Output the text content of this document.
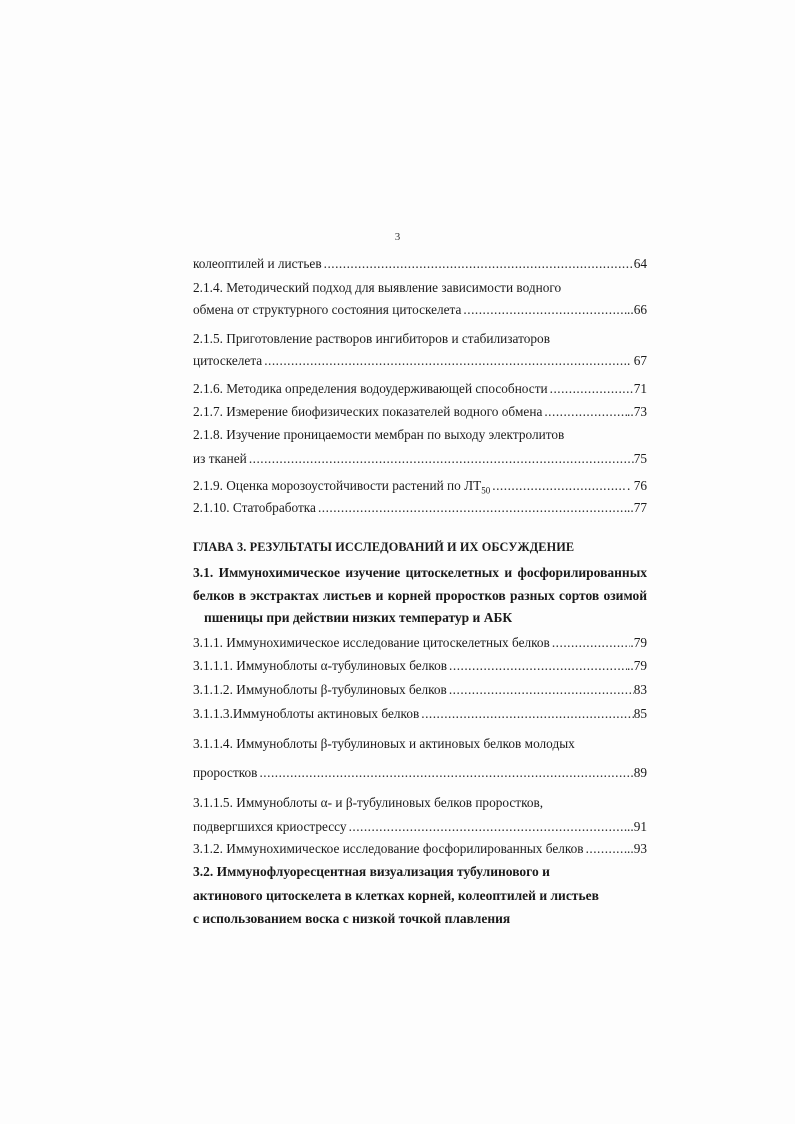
3
колеоптилей и листьев .....	64
2.1.4. Методический подход для выявление зависимости водного
обмена от структурного состояния цитоскелета .....	..66
2.1.5. Приготовление растворов ингибиторов и стабилизаторов
цитоскелета .....	. 67
2.1.6. Методика определения водоудерживающей способности .....	71
2.1.7. Измерение биофизических показателей водного обмена .....	..73
2.1.8. Изучение проницаемости мембран по выходу электролитов
из тканей .....	75
2.1.9. Оценка морозоустойчивости растений по $ЛТ_{50}$ .....	. 76
2.1.10. Статобработка .....	..77
ГЛАВА 3. РЕЗУЛЬТАТЫ ИССЛЕДОВАНИЙ И ИХ ОБСУЖДЕНИЕ
3.1. Иммунохимическое изучение цитоскелетных и фосфорилированных
белков в экстрактах листьев и корней проростков разных сортов озимой
пшеницы при действии низких температур и АБК
3.1.1. Иммунохимическое исследование цитоскелетных белков .....	.79
3.1.1.1. Иммуноблоты α-тубулиновых белков .....	..79
3.1.1.2. Иммуноблоты β-тубулиновых белков .....	83
3.1.1.3.Иммуноблоты актиновых белков .....	85
3.1.1.4. Иммуноблоты β-тубулиновых и актиновых белков молодых
проростков .....	89
3.1.1.5. Иммуноблоты α- и β-тубулиновых белков проростков,
подвергшихся криострессу .....	..91
3.1.2. Иммунохимическое исследование фосфорилированных белков .....	..93
3.2. Иммунофлуоресцентная визуализация тубулинового и
актинового цитоскелета в клетках корней, колеоптилей и листьев
с использованием воска с низкой точкой плавления
